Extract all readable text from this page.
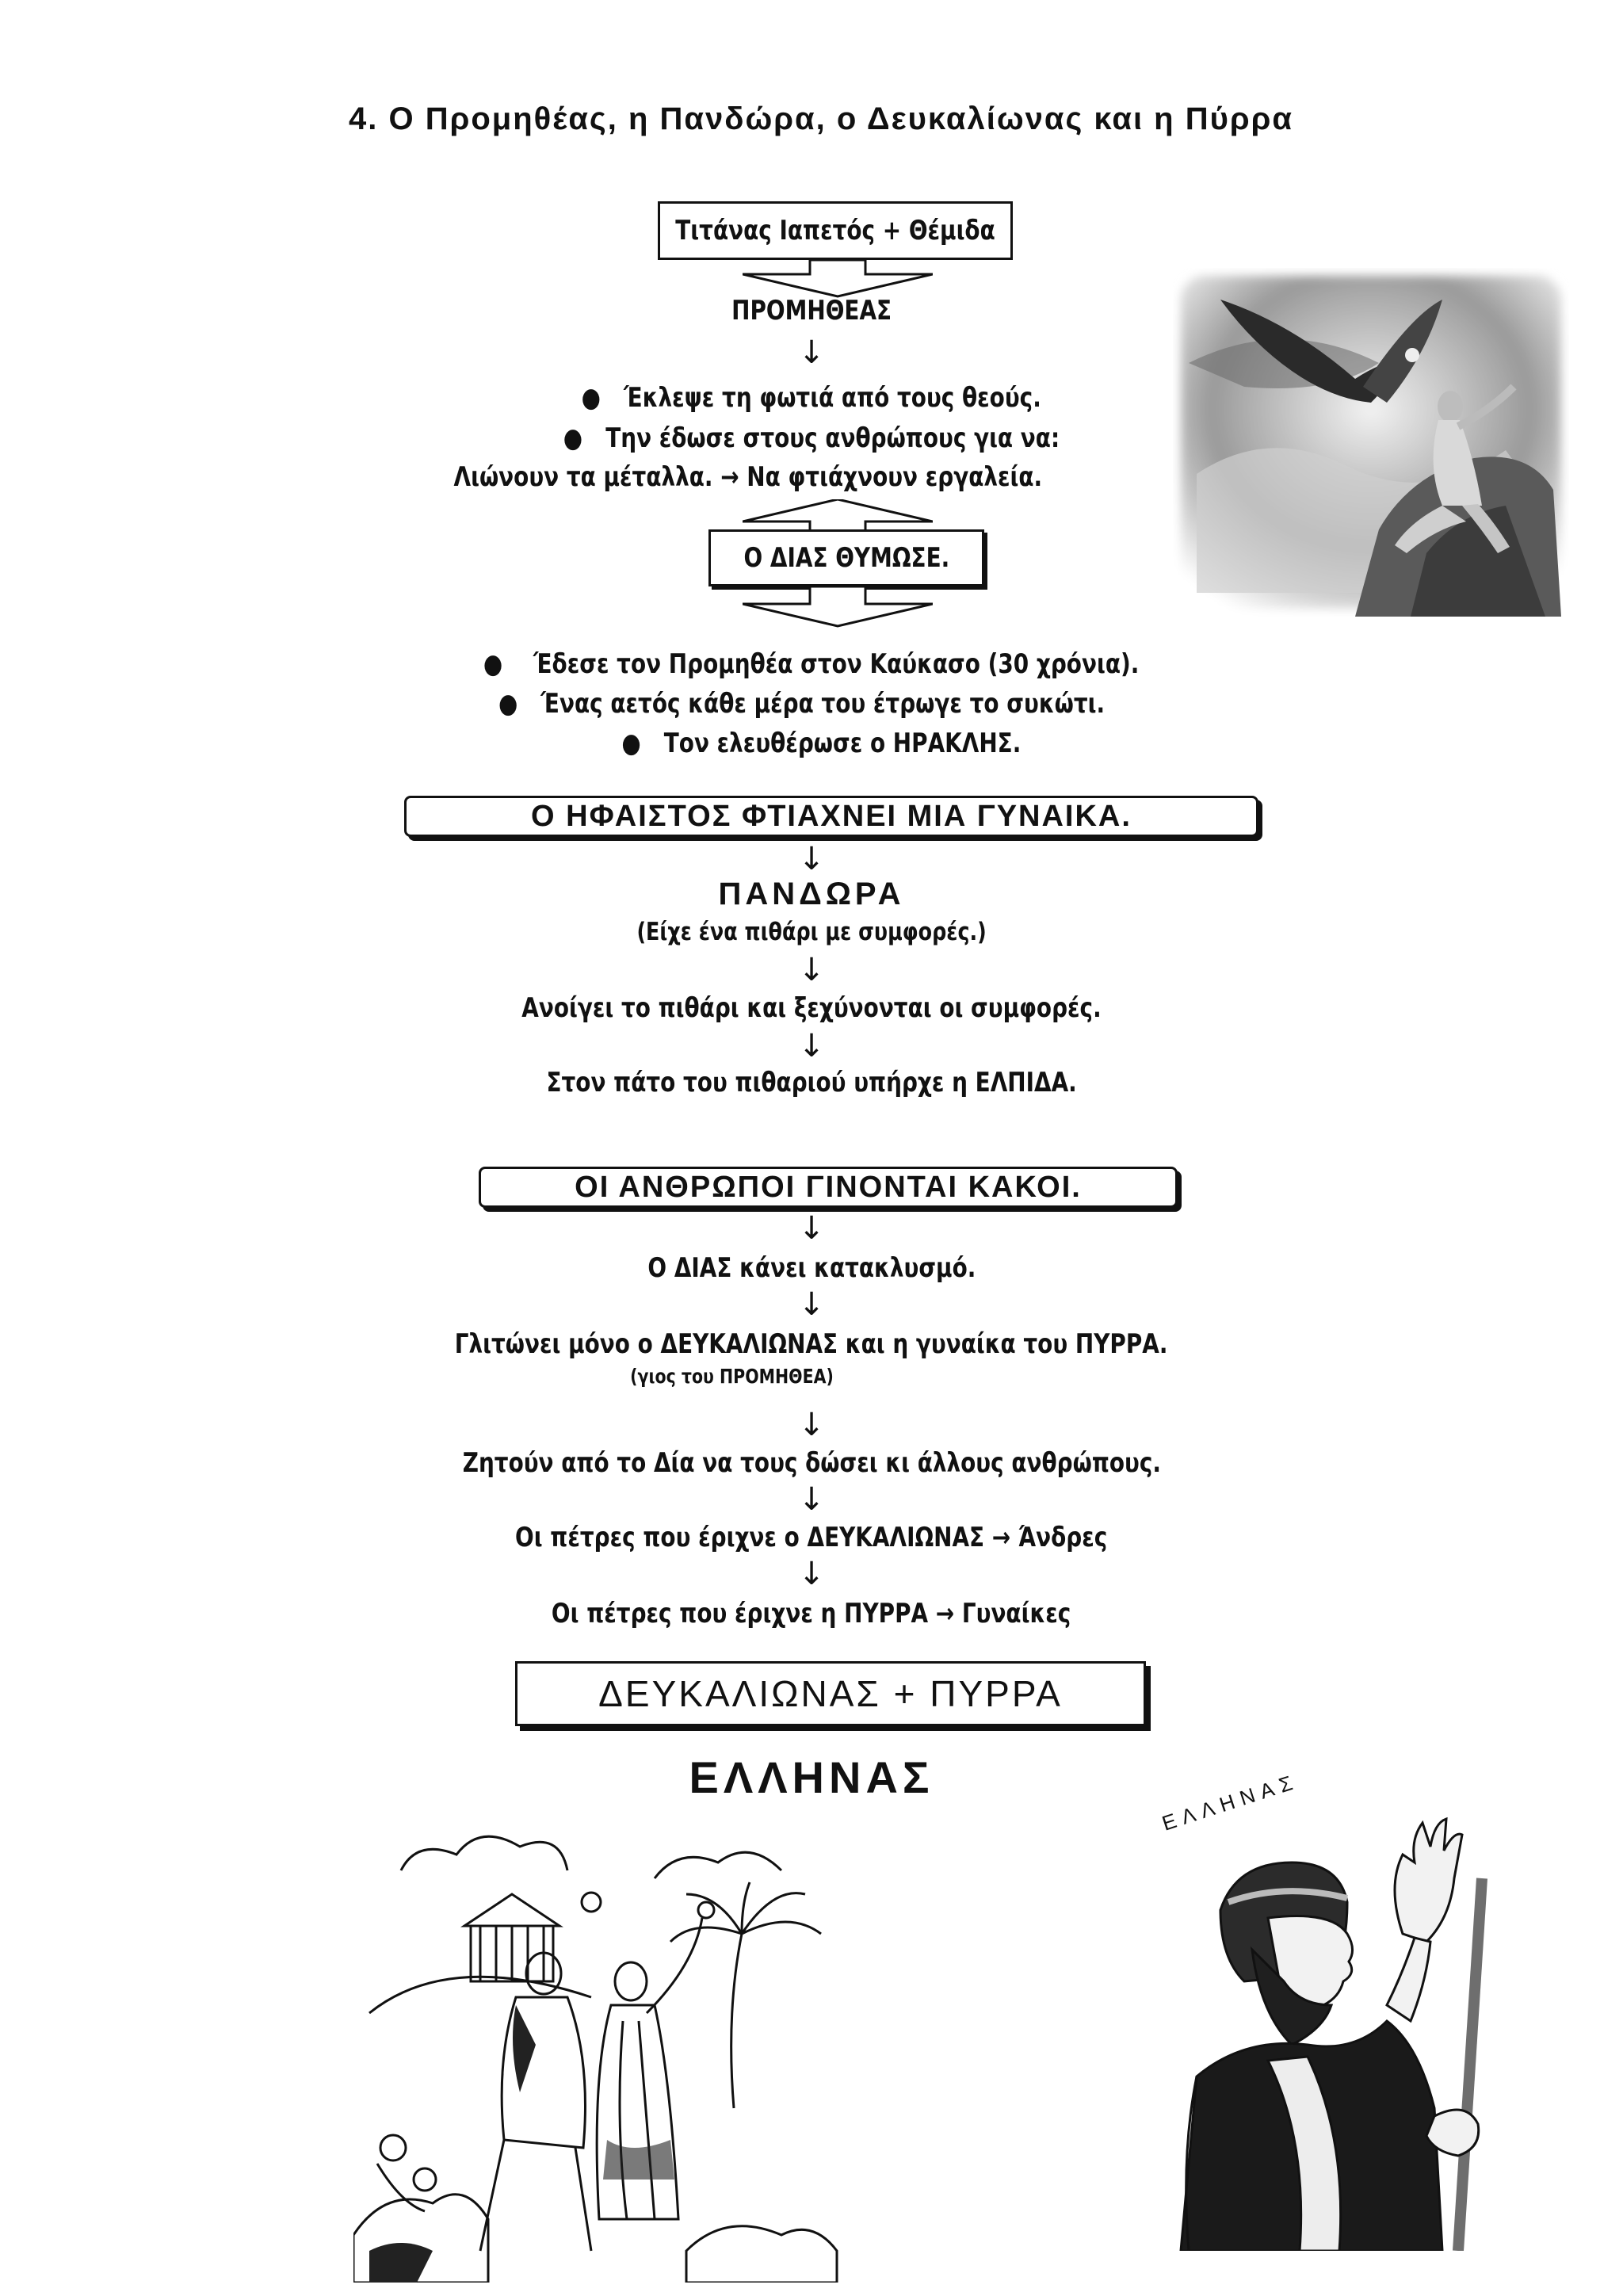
4. Ο Προμηθέας, η Πανδώρα, ο Δευκαλίωνας και η Πύρρα
Τιτάνας Ιαπετός + Θέμιδα
ΠΡΟΜΗΘΕΑΣ
↓
●   Έκλεψε τη φωτιά από τους θεούς.
●   Την έδωσε στους ανθρώπους για να:
Λιώνουν τα μέταλλα. → Να φτιάχνουν εργαλεία.
Ο ΔΙΑΣ ΘΥΜΩΣΕ.
●    Έδεσε τον Προμηθέα στον Καύκασο (30 χρόνια).
●   Ένας αετός κάθε μέρα του έτρωγε το συκώτι.
●   Τον ελευθέρωσε ο ΗΡΑΚΛΗΣ.
Ο ΗΦΑΙΣΤΟΣ ΦΤΙΑΧΝΕΙ ΜΙΑ ΓΥΝΑΙΚΑ.
↓
ΠΑΝΔΩΡΑ
(Είχε ένα πιθάρι με συμφορές.)
↓
Ανοίγει το πιθάρι και ξεχύνονται οι συμφορές.
↓
Στον πάτο του πιθαριού υπήρχε η ΕΛΠΙΔΑ.
ΟΙ ΑΝΘΡΩΠΟΙ ΓΙΝΟΝΤΑΙ ΚΑΚΟΙ.
↓
Ο ΔΙΑΣ κάνει κατακλυσμό.
↓
Γλιτώνει μόνο ο ΔΕΥΚΑΛΙΩΝΑΣ και η γυναίκα του ΠΥΡΡΑ.
(γιος του ΠΡΟΜΗΘΕΑ)
↓
Ζητούν από το Δία να τους δώσει κι άλλους ανθρώπους.
↓
Οι πέτρες που έριχνε ο ΔΕΥΚΑΛΙΩΝΑΣ → Άνδρες
↓
Οι πέτρες που έριχνε η ΠΥΡΡΑ → Γυναίκες
ΔΕΥΚΑΛΙΩΝΑΣ + ΠΥΡΡΑ
ΕΛΛΗΝΑΣ	ΕΛΛΗΝΑΣ
